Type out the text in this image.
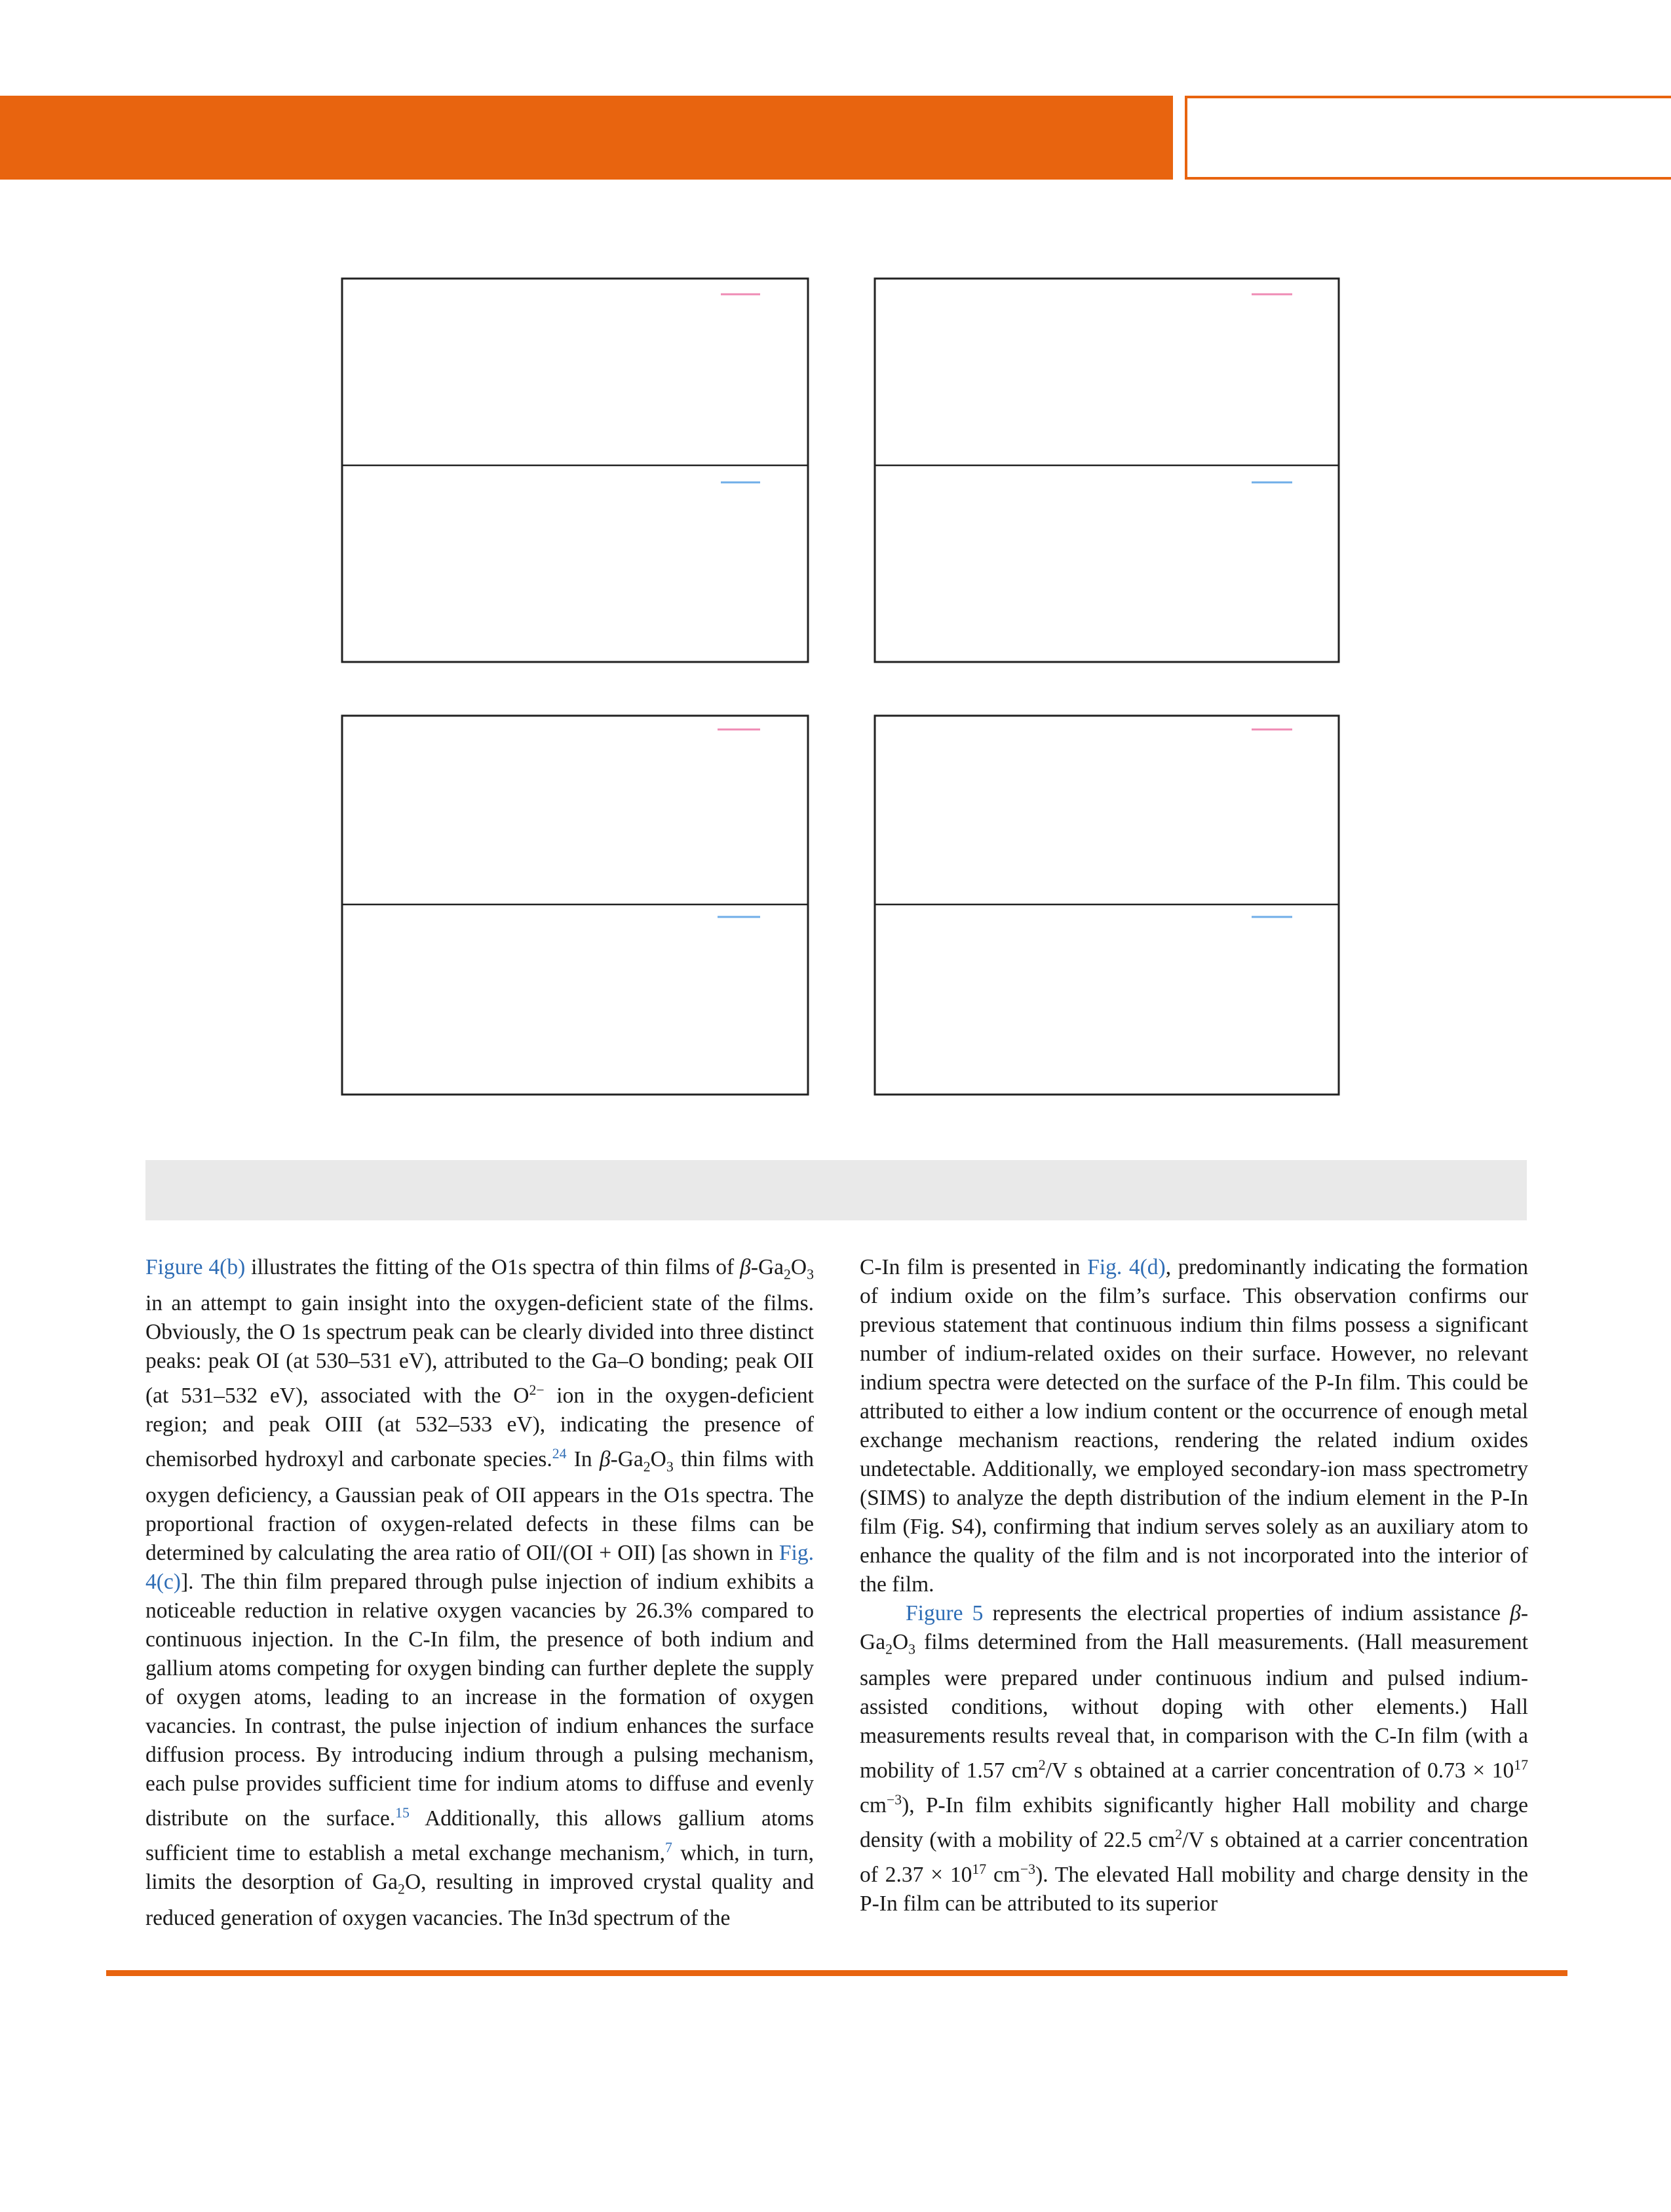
Figure 4(b) illustrates the fitting of the O1s spectra of thin films of $\beta-Ga_2O_3$ in an attempt to gain insight into the oxygen-deficient state of the films. Obviously, the O 1s spectrum peak can be clearly divided into three distinct peaks: peak OI (at 530–531 eV), attributed to the Ga–O bonding; peak OII (at 531–532 eV), associated with the $O^{2-}$ ion in the oxygen-deficient region; and peak OIII (at 532–533 eV), indicating the presence of chemisorbed hydroxyl and carbonate species.$^{24}$ In $\beta-Ga_2O_3$ thin films with oxygen deficiency, a Gaussian peak of OII appears in the O1s spectra. The proportional fraction of oxygen-related defects in these films can be determined by calculating the area ratio of OII/(OI + OII) [as shown in Fig. 4(c)]. The thin film prepared through pulse injection of indium exhibits a noticeable reduction in relative oxygen vacancies by 26.3% compared to continuous injection. In the C-In film, the presence of both indium and gallium atoms competing for oxygen binding can further deplete the supply of oxygen atoms, leading to an increase in the formation of oxygen vacancies. In contrast, the pulse injection of indium enhances the surface diffusion process. By introducing indium through a pulsing mechanism, each pulse provides sufficient time for indium atoms to diffuse and evenly distribute on the surface.$^{15}$ Additionally, this allows gallium atoms sufficient time to establish a metal exchange mechanism,$^7$ which, in turn, limits the desorption of $Ga_2O$, resulting in improved crystal quality and reduced generation of oxygen vacancies. The In3d spectrum of the

C-In film is presented in Fig. 4(d), predominantly indicating the formation of indium oxide on the film’s surface. This observation confirms our previous statement that continuous indium thin films possess a significant number of indium-related oxides on their surface. However, no relevant indium spectra were detected on the surface of the P-In film. This could be attributed to either a low indium content or the occurrence of enough metal exchange mechanism reactions, rendering the related indium oxides undetectable. Additionally, we employed secondary-ion mass spectrometry (SIMS) to analyze the depth distribution of the indium element in the P-In film (Fig. S4), confirming that indium serves solely as an auxiliary atom to enhance the quality of the film and is not incorporated into the interior of the film.

Figure 5 represents the electrical properties of indium assistance $\beta-Ga_2O_3$ films determined from the Hall measurements. (Hall measurement samples were prepared under continuous indium and pulsed indium-assisted conditions, without doping with other elements.) Hall measurements results reveal that, in comparison with the C-In film (with a mobility of 1.57 $cm^2/V$ s obtained at a carrier concentration of $0.73 \times 10^{17}$ $cm^{-3}$), P-In film exhibits significantly higher Hall mobility and charge density (with a mobility of 22.5 $cm^2/V$ s obtained at a carrier concentration of $2.37 \times 10^{17}$ $cm^{-3}$). The elevated Hall mobility and charge density in the P-In film can be attributed to its superior
